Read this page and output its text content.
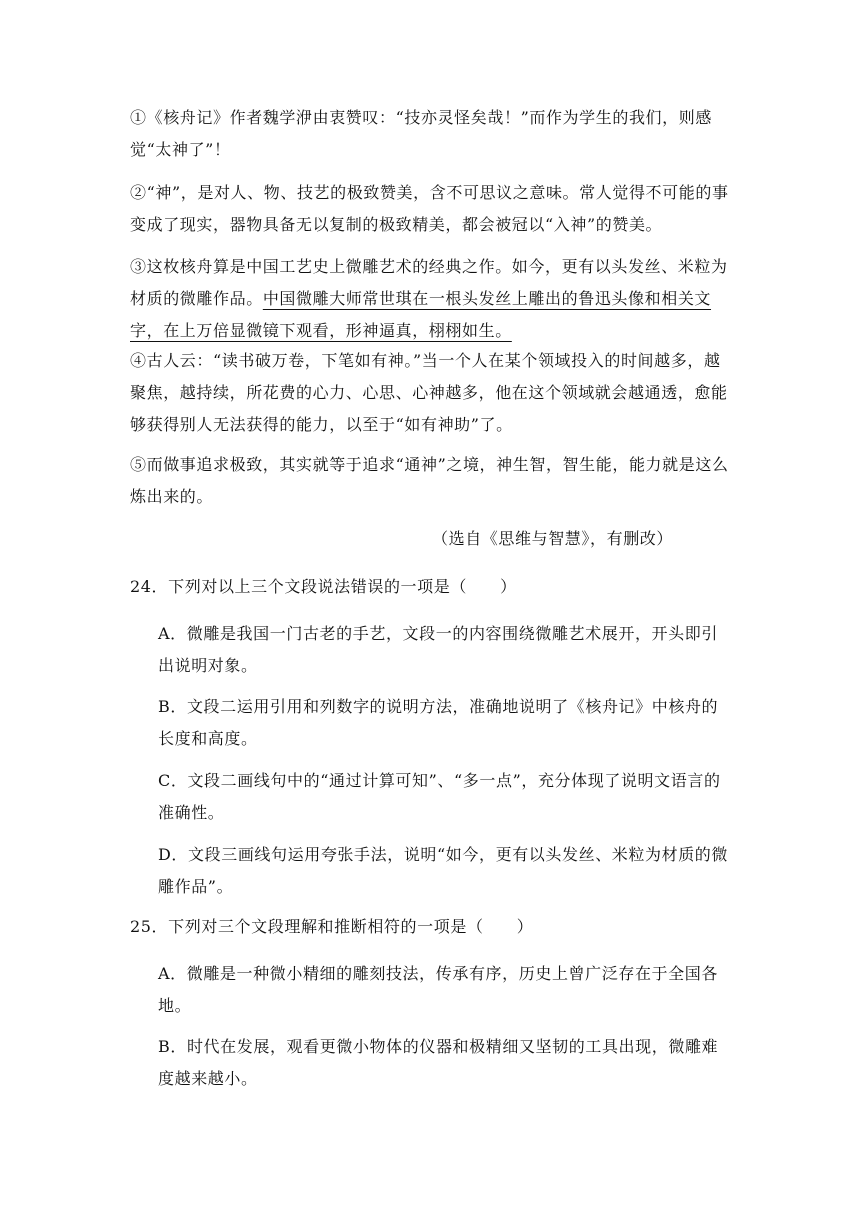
①《核舟记》作者魏学洢由衷赞叹：“技亦灵怪矣哉！”而作为学生的我们，则感觉“太神了”！

②“神”，是对人、物、技艺的极致赞美，含不可思议之意味。常人觉得不可能的事变成了现实，器物具备无以复制的极致精美，都会被冠以“入神”的赞美。

③这枚核舟算是中国工艺史上微雕艺术的经典之作。如今，更有以头发丝、米粒为材质的微雕作品。中国微雕大师常世琪在一根头发丝上雕出的鲁迅头像和相关文字，在上万倍显微镜下观看，形神逼真，栩栩如生。

④古人云：“读书破万卷，下笔如有神。”当一个人在某个领域投入的时间越多，越聚焦，越持续，所花费的心力、心思、心神越多，他在这个领域就会越通透，愈能够获得别人无法获得的能力，以至于“如有神助”了。

⑤而做事追求极致，其实就等于追求“通神”之境，神生智，智生能，能力就是这么炼出来的。

（选自《思维与智慧》，有删改）
24．下列对以上三个文段说法错误的一项是（　　）
A．微雕是我国一门古老的手艺，文段一的内容围绕微雕艺术展开，开头即引出说明对象。
B．文段二运用引用和列数字的说明方法，准确地说明了《核舟记》中核舟的长度和高度。
C．文段二画线句中的“通过计算可知”、“多一点”，充分体现了说明文语言的准确性。
D．文段三画线句运用夸张手法，说明“如今，更有以头发丝、米粒为材质的微雕作品”。
25．下列对三个文段理解和推断相符的一项是（　　）
A．微雕是一种微小精细的雕刻技法，传承有序，历史上曾广泛存在于全国各地。
B．时代在发展，观看更微小物体的仪器和极精细又坚韧的工具出现，微雕难度越来越小。
